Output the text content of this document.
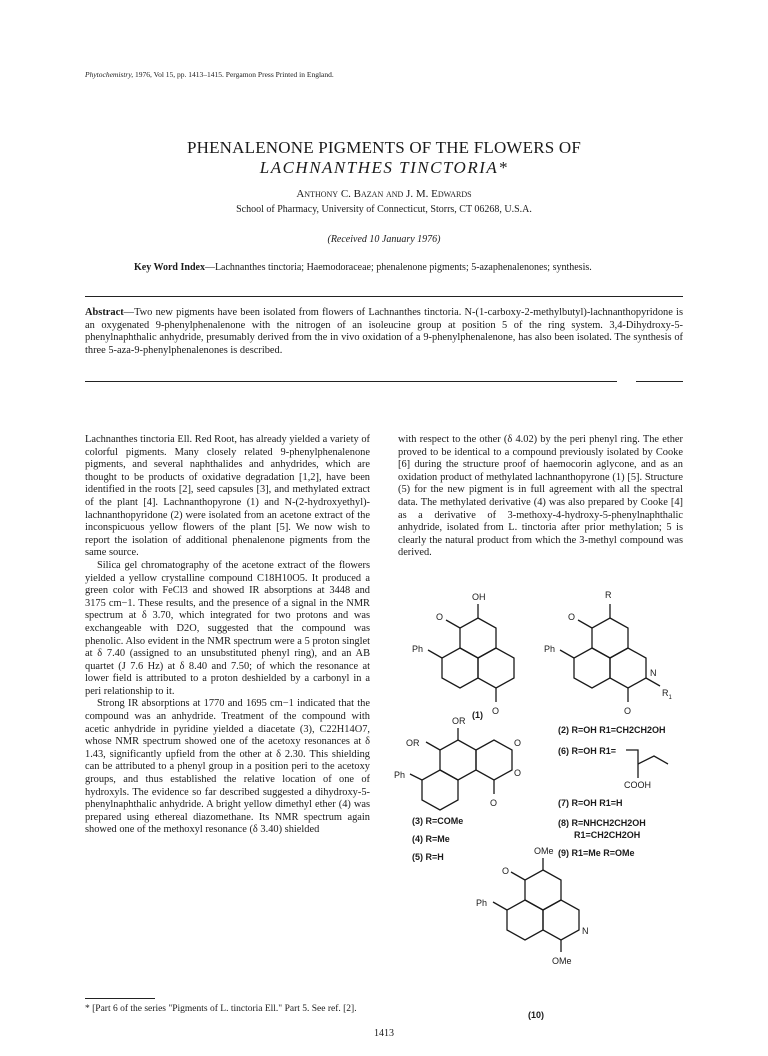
Phytochemistry, 1976, Vol 15, pp. 1413–1415. Pergamon Press Printed in England.
PHENALENONE PIGMENTS OF THE FLOWERS OF
LACHNANTHES TINCTORIA*
Anthony C. Bazan and J. M. Edwards
School of Pharmacy, University of Connecticut, Storrs, CT 06268, U.S.A.
(Received 10 January 1976)
Key Word Index—Lachnanthes tinctoria; Haemodoraceae; phenalenone pigments; 5-azaphenalenones; synthesis.
Abstract—Two new pigments have been isolated from flowers of Lachnanthes tinctoria. N-(1-carboxy-2-methylbutyl)-lachnanthopyridone is an oxygenated 9-phenylphenalenone with the nitrogen of an isoleucine group at position 5 of the ring system. 3,4-Dihydroxy-5-phenylnaphthalic anhydride, presumably derived from the in vivo oxidation of a 9-phenylphenalenone, has also been isolated. The synthesis of three 5-aza-9-phenylphenalenones is described.

Lachnanthes tinctoria Ell. Red Root, has already yielded a variety of colorful pigments. Many closely related 9-phenylphenalenone pigments, and several naphthalides and anhydrides, which are thought to be products of oxidative degradation [1,2], have been identified in the roots [2], seed capsules [3], and methylated extract of the plant [4]. Lachnanthopyrone (1) and N-(2-hydroxyethyl)-lachnanthopyridone (2) were isolated from an acetone extract of the inconspicuous yellow flowers of the plant [5]. We now wish to report the isolation of additional phenalenone pigments from the same source.

Silica gel chromatography of the acetone extract of the flowers yielded a yellow crystalline compound C18H10O5. It produced a green color with FeCl3 and showed IR absorptions at 3448 and 3175 cm−1. These results, and the presence of a signal in the NMR spectrum at δ 3.70, which integrated for two protons and was exchangeable with D2O, suggested that the compound was phenolic. Also evident in the NMR spectrum were a 5 proton singlet at δ 7.40 (assigned to an unsubstituted phenyl ring), and an AB quartet (J 7.6 Hz) at δ 8.40 and 7.50; of which the resonance at lower field is attributed to a proton deshielded by a carbonyl in a peri relationship to it.

Strong IR absorptions at 1770 and 1695 cm−1 indicated that the compound was an anhydride. Treatment of the compound with acetic anhydride in pyridine yielded a diacetate (3), C22H14O7, whose NMR spectrum showed one of the acetoxy resonances at δ 1.43, significantly upfield from the other at δ 2.30. This shielding can be attributed to a phenyl group in a position peri to the acetoxy groups, and thus established the relative location of one of hydroxyls. The evidence so far described suggested a dihydroxy-5-phenylnaphthalic anhydride. A bright yellow dimethyl ether (4) was prepared using ethereal diazomethane. Its NMR spectrum again showed one of the methoxyl resonance (δ 3.40) shielded

with respect to the other (δ 4.02) by the peri phenyl ring. The ether proved to be identical to a compound previously isolated by Cooke [6] during the structure proof of haemocorin aglycone, and as an oxidation product of methylated lachnanthopyrone (1) [5]. Structure (5) for the new pigment is in full agreement with all the spectral data. The methylated derivative (4) was also prepared by Cooke [4] as a derivative of 3-methoxy-4-hydroxy-5-phenylnaphthalic anhydride, isolated from L. tinctoria after prior methylation; 5 is clearly the natural product from which the 3-methyl compound was derived.

OH
O
Ph
O
(1)
R
O
Ph
N
$R_1$
O
(2) R=OH R1=CH2CH2OH
(6) R=OH R1=
COOH
(7) R=OH R1=H
(8) R=NHCH2CH2OH
R1=CH2CH2OH
(9) R1=Me R=OMe
OR
OR
Ph
O
O
O
(3) R=COMe
(4) R=Me
(5) R=H
OMe
O
Ph
N
OMe
(10)
* [Part 6 of the series "Pigments of L. tinctoria Ell." Part 5. See ref. [2].
1413
